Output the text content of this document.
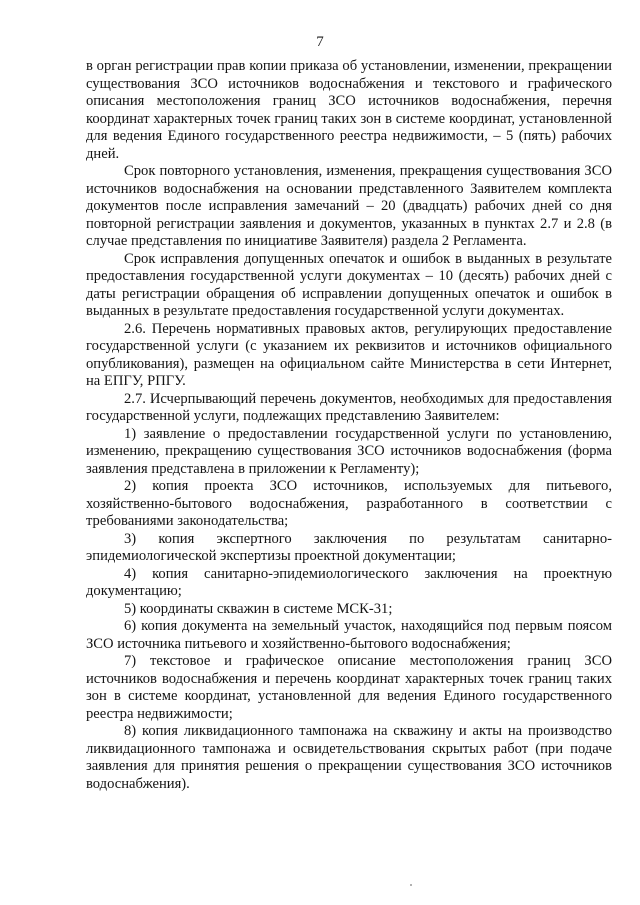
7

в орган регистрации прав копии приказа об установлении, изменении, прекращении существования ЗСО источников водоснабжения и текстового и графического описания местоположения границ ЗСО источников водоснабжения, перечня координат характерных точек границ таких зон в системе координат, установленной для ведения Единого государственного реестра недвижимости, – 5 (пять) рабочих дней.

Срок повторного установления, изменения, прекращения существования ЗСО источников водоснабжения на основании представленного Заявителем комплекта документов после исправления замечаний – 20 (двадцать) рабочих дней со дня повторной регистрации заявления и документов, указанных в пунктах 2.7 и 2.8 (в случае представления по инициативе Заявителя) раздела 2 Регламента.

Срок исправления допущенных опечаток и ошибок в выданных в результате предоставления государственной услуги документах – 10 (десять) рабочих дней с даты регистрации обращения об исправлении допущенных опечаток и ошибок в выданных в результате предоставления государственной услуги документах.

2.6. Перечень нормативных правовых актов, регулирующих предоставление государственной услуги (с указанием их реквизитов и источников официального опубликования), размещен на официальном сайте Министерства в сети Интернет, на ЕПГУ, РПГУ.

2.7. Исчерпывающий перечень документов, необходимых для предоставления государственной услуги, подлежащих представлению Заявителем:

1) заявление о предоставлении государственной услуги по установлению, изменению, прекращению существования ЗСО источников водоснабжения (форма заявления представлена в приложении к Регламенту);

2) копия проекта ЗСО источников, используемых для питьевого, хозяйственно-бытового водоснабжения, разработанного в соответствии с требованиями законодательства;

3) копия экспертного заключения по результатам санитарно-эпидемиологической экспертизы проектной документации;

4) копия санитарно-эпидемиологического заключения на проектную документацию;

5) координаты скважин в системе МСК-31;

6) копия документа на земельный участок, находящийся под первым поясом ЗСО источника питьевого и хозяйственно-бытового водоснабжения;

7) текстовое и графическое описание местоположения границ ЗСО источников водоснабжения и перечень координат характерных точек границ таких зон в системе координат, установленной для ведения Единого государственного реестра недвижимости;

8) копия ликвидационного тампонажа на скважину и акты на производство ликвидационного тампонажа и освидетельствования скрытых работ (при подаче заявления для принятия решения о прекращении существования ЗСО источников водоснабжения).
